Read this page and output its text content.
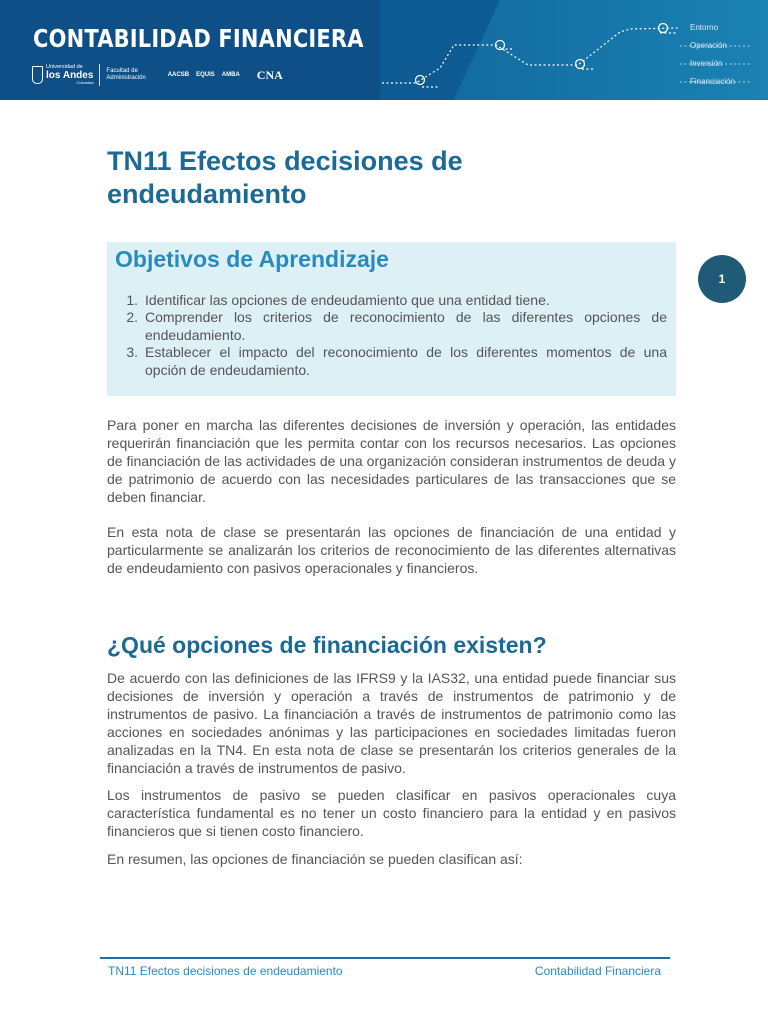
CONTABILIDAD FINANCIERA
Universidad de
los Andes
Colombia
Facultad de
Administración	AACSB EQUIS AMBA CNA
Entorno
Operación
Inversión
Financiación
1
TN11 Efectos decisiones de endeudamiento
Objetivos de Aprendizaje
1. Identificar las opciones de endeudamiento que una entidad tiene.
2. Comprender los criterios de reconocimiento de las diferentes opciones de endeudamiento.
3. Establecer el impacto del reconocimiento de los diferentes momentos de una opción de endeudamiento.

Para poner en marcha las diferentes decisiones de inversión y operación, las entidades requerirán financiación que les permita contar con los recursos necesarios. Las opciones de financiación de las actividades de una organización consideran instrumentos de deuda y de patrimonio de acuerdo con las necesidades particulares de las transacciones que se deben financiar.

En esta nota de clase se presentarán las opciones de financiación de una entidad y particularmente se analizarán los criterios de reconocimiento de las diferentes alternativas de endeudamiento con pasivos operacionales y financieros.

¿Qué opciones de financiación existen?

De acuerdo con las definiciones de las IFRS9 y la IAS32, una entidad puede financiar sus decisiones de inversión y operación a través de instrumentos de patrimonio y de instrumentos de pasivo. La financiación a través de instrumentos de patrimonio como las acciones en sociedades anónimas y las participaciones en sociedades limitadas fueron analizadas en la TN4. En esta nota de clase se presentarán los criterios generales de la financiación a través de instrumentos de pasivo.

Los instrumentos de pasivo se pueden clasificar en pasivos operacionales cuya característica fundamental es no tener un costo financiero para la entidad y en pasivos financieros que si tienen costo financiero.

En resumen, las opciones de financiación se pueden clasifican así:

TN11 Efectos decisiones de endeudamiento	Contabilidad Financiera
